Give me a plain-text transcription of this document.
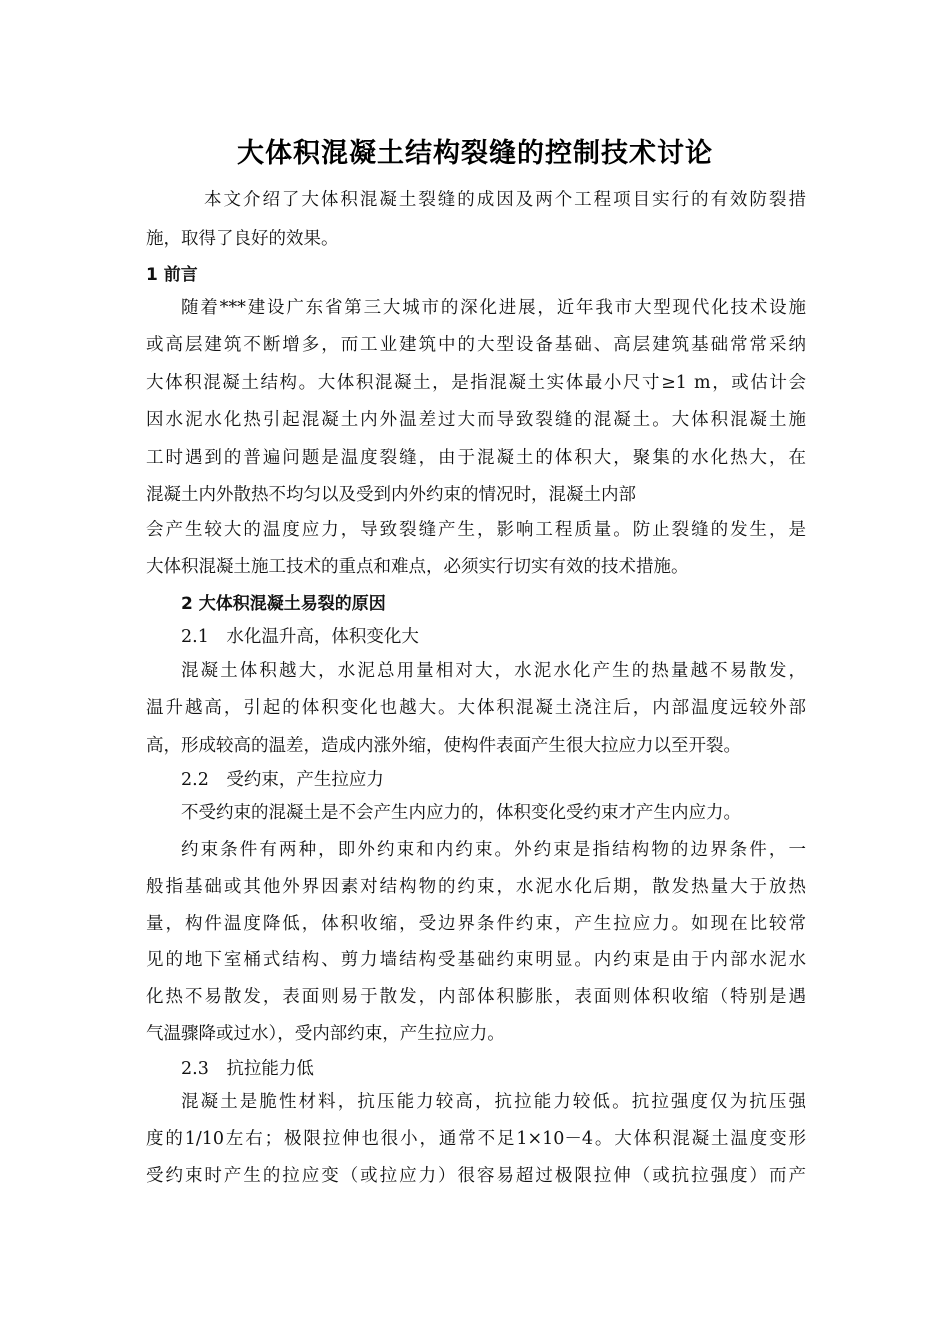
大体积混凝土结构裂缝的控制技术讨论
本文介绍了大体积混凝土裂缝的成因及两个工程项目实行的有效防裂措
施，取得了良好的效果。
1 前言
随着***建设广东省第三大城市的深化进展，近年我市大型现代化技术设施
或高层建筑不断增多，而工业建筑中的大型设备基础、高层建筑基础常常采纳
大体积混凝土结构。大体积混凝土，是指混凝土实体最小尺寸≥1 m，或估计会
因水泥水化热引起混凝土内外温差过大而导致裂缝的混凝土。大体积混凝土施
工时遇到的普遍问题是温度裂缝，由于混凝土的体积大，聚集的水化热大，在
混凝土内外散热不均匀以及受到内外约束的情况时，混凝土内部
会产生较大的温度应力，导致裂缝产生，影响工程质量。防止裂缝的发生，是
大体积混凝土施工技术的重点和难点，必须实行切实有效的技术措施。
2 大体积混凝土易裂的原因
2.1　水化温升高，体积变化大
混凝土体积越大，水泥总用量相对大，水泥水化产生的热量越不易散发，
温升越高，引起的体积变化也越大。大体积混凝土浇注后，内部温度远较外部
高，形成较高的温差，造成内涨外缩，使构件表面产生很大拉应力以至开裂。
2.2　受约束，产生拉应力
不受约束的混凝土是不会产生内应力的，体积变化受约束才产生内应力。
约束条件有两种，即外约束和内约束。外约束是指结构物的边界条件，一
般指基础或其他外界因素对结构物的约束，水泥水化后期，散发热量大于放热
量，构件温度降低，体积收缩，受边界条件约束，产生拉应力。如现在比较常
见的地下室桶式结构、剪力墙结构受基础约束明显。内约束是由于内部水泥水
化热不易散发，表面则易于散发，内部体积膨胀，表面则体积收缩（特别是遇
气温骤降或过水），受内部约束，产生拉应力。
2.3　抗拉能力低
混凝土是脆性材料，抗压能力较高，抗拉能力较低。抗拉强度仅为抗压强
度的1/10左右；极限拉伸也很小，通常不足1×10－4。大体积混凝土温度变形
受约束时产生的拉应变（或拉应力）很容易超过极限拉伸（或抗拉强度）而产
